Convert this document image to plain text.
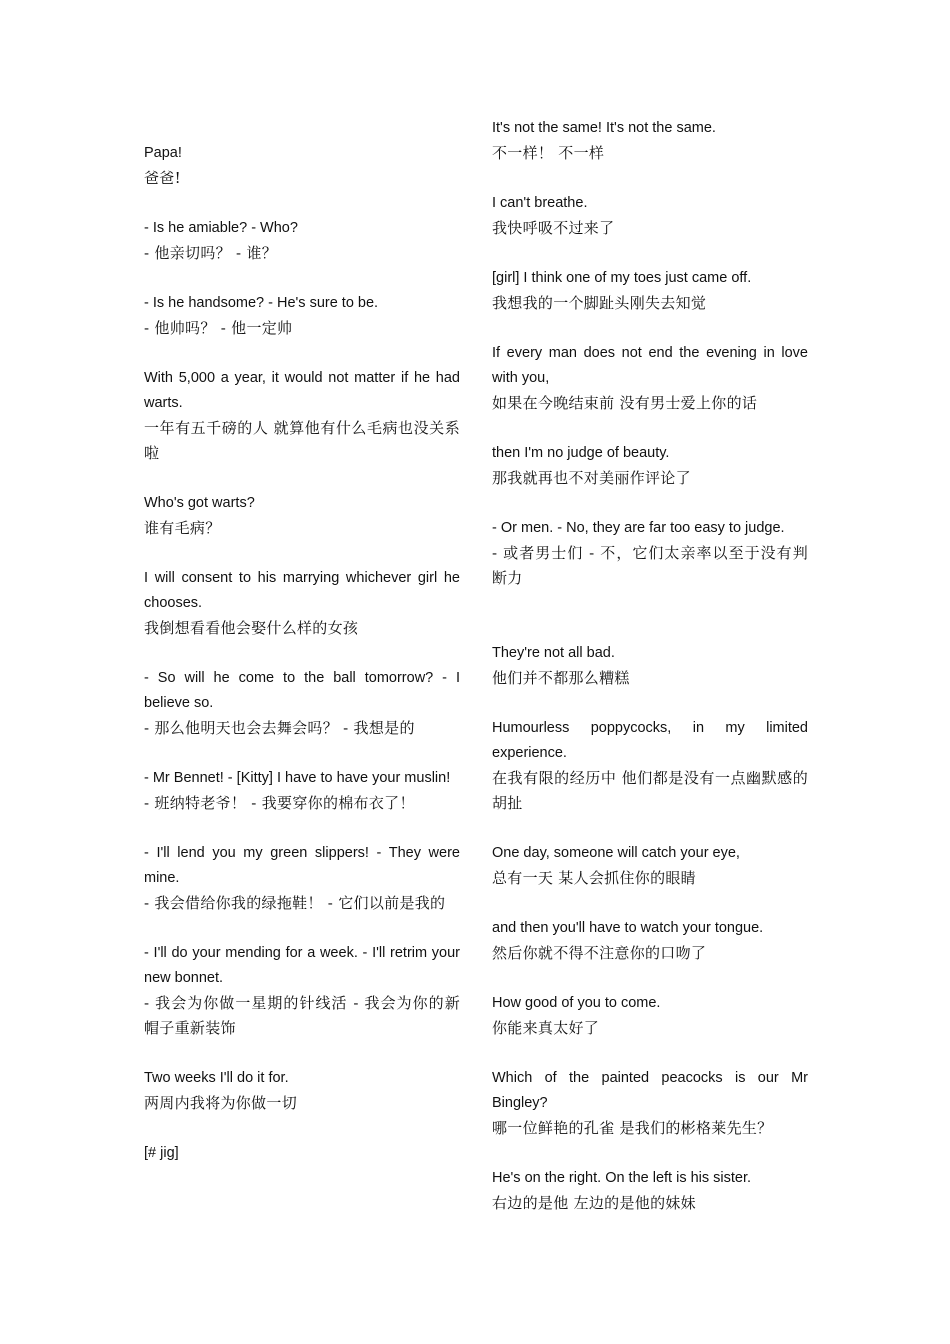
Papa!
爸爸!
- Is he amiable? - Who?
- 他亲切吗？ - 谁？
- Is he handsome? - He's sure to be.
- 他帅吗？ - 他一定帅
With 5,000 a year, it would not matter if he had warts.
一年有五千磅的人 就算他有什么毛病也没关系啦
Who's got warts?
谁有毛病？
I will consent to his marrying whichever girl he chooses.
我倒想看看他会娶什么样的女孩
- So will he come to the ball tomorrow? - I believe so.
- 那么他明天也会去舞会吗？ - 我想是的
- Mr Bennet! - [Kitty] I have to have your muslin!
- 班纳特老爷！ - 我要穿你的棉布衣了！
- I'll lend you my green slippers! - They were mine.
- 我会借给你我的绿拖鞋！ - 它们以前是我的
- I'll do your mending for a week. - I'll retrim your new bonnet.
- 我会为你做一星期的针线活 - 我会为你的新帽子重新装饰
Two weeks I'll do it for.
两周内我将为你做一切
[# jig]
It's not the same! It's not the same.
不一样！ 不一样
I can't breathe.
我快呼吸不过来了
[girl] I think one of my toes just came off.
我想我的一个脚趾头刚失去知觉
If every man does not end the evening in love with you,
如果在今晚结束前 没有男士爱上你的话
then I'm no judge of beauty.
那我就再也不对美丽作评论了
- Or men. - No, they are far too easy to judge.
- 或者男士们 - 不，它们太亲率以至于没有判断力
They're not all bad.
他们并不都那么糟糕
Humourless poppycocks, in my limited experience.
在我有限的经历中 他们都是没有一点幽默感的胡扯
One day, someone will catch your eye,
总有一天 某人会抓住你的眼睛
and then you'll have to watch your tongue.
然后你就不得不注意你的口吻了
How good of you to come.
你能来真太好了
Which of the painted peacocks is our Mr Bingley?
哪一位鲜艳的孔雀 是我们的彬格莱先生？
He's on the right. On the left is his sister.
右边的是他 左边的是他的妹妹
